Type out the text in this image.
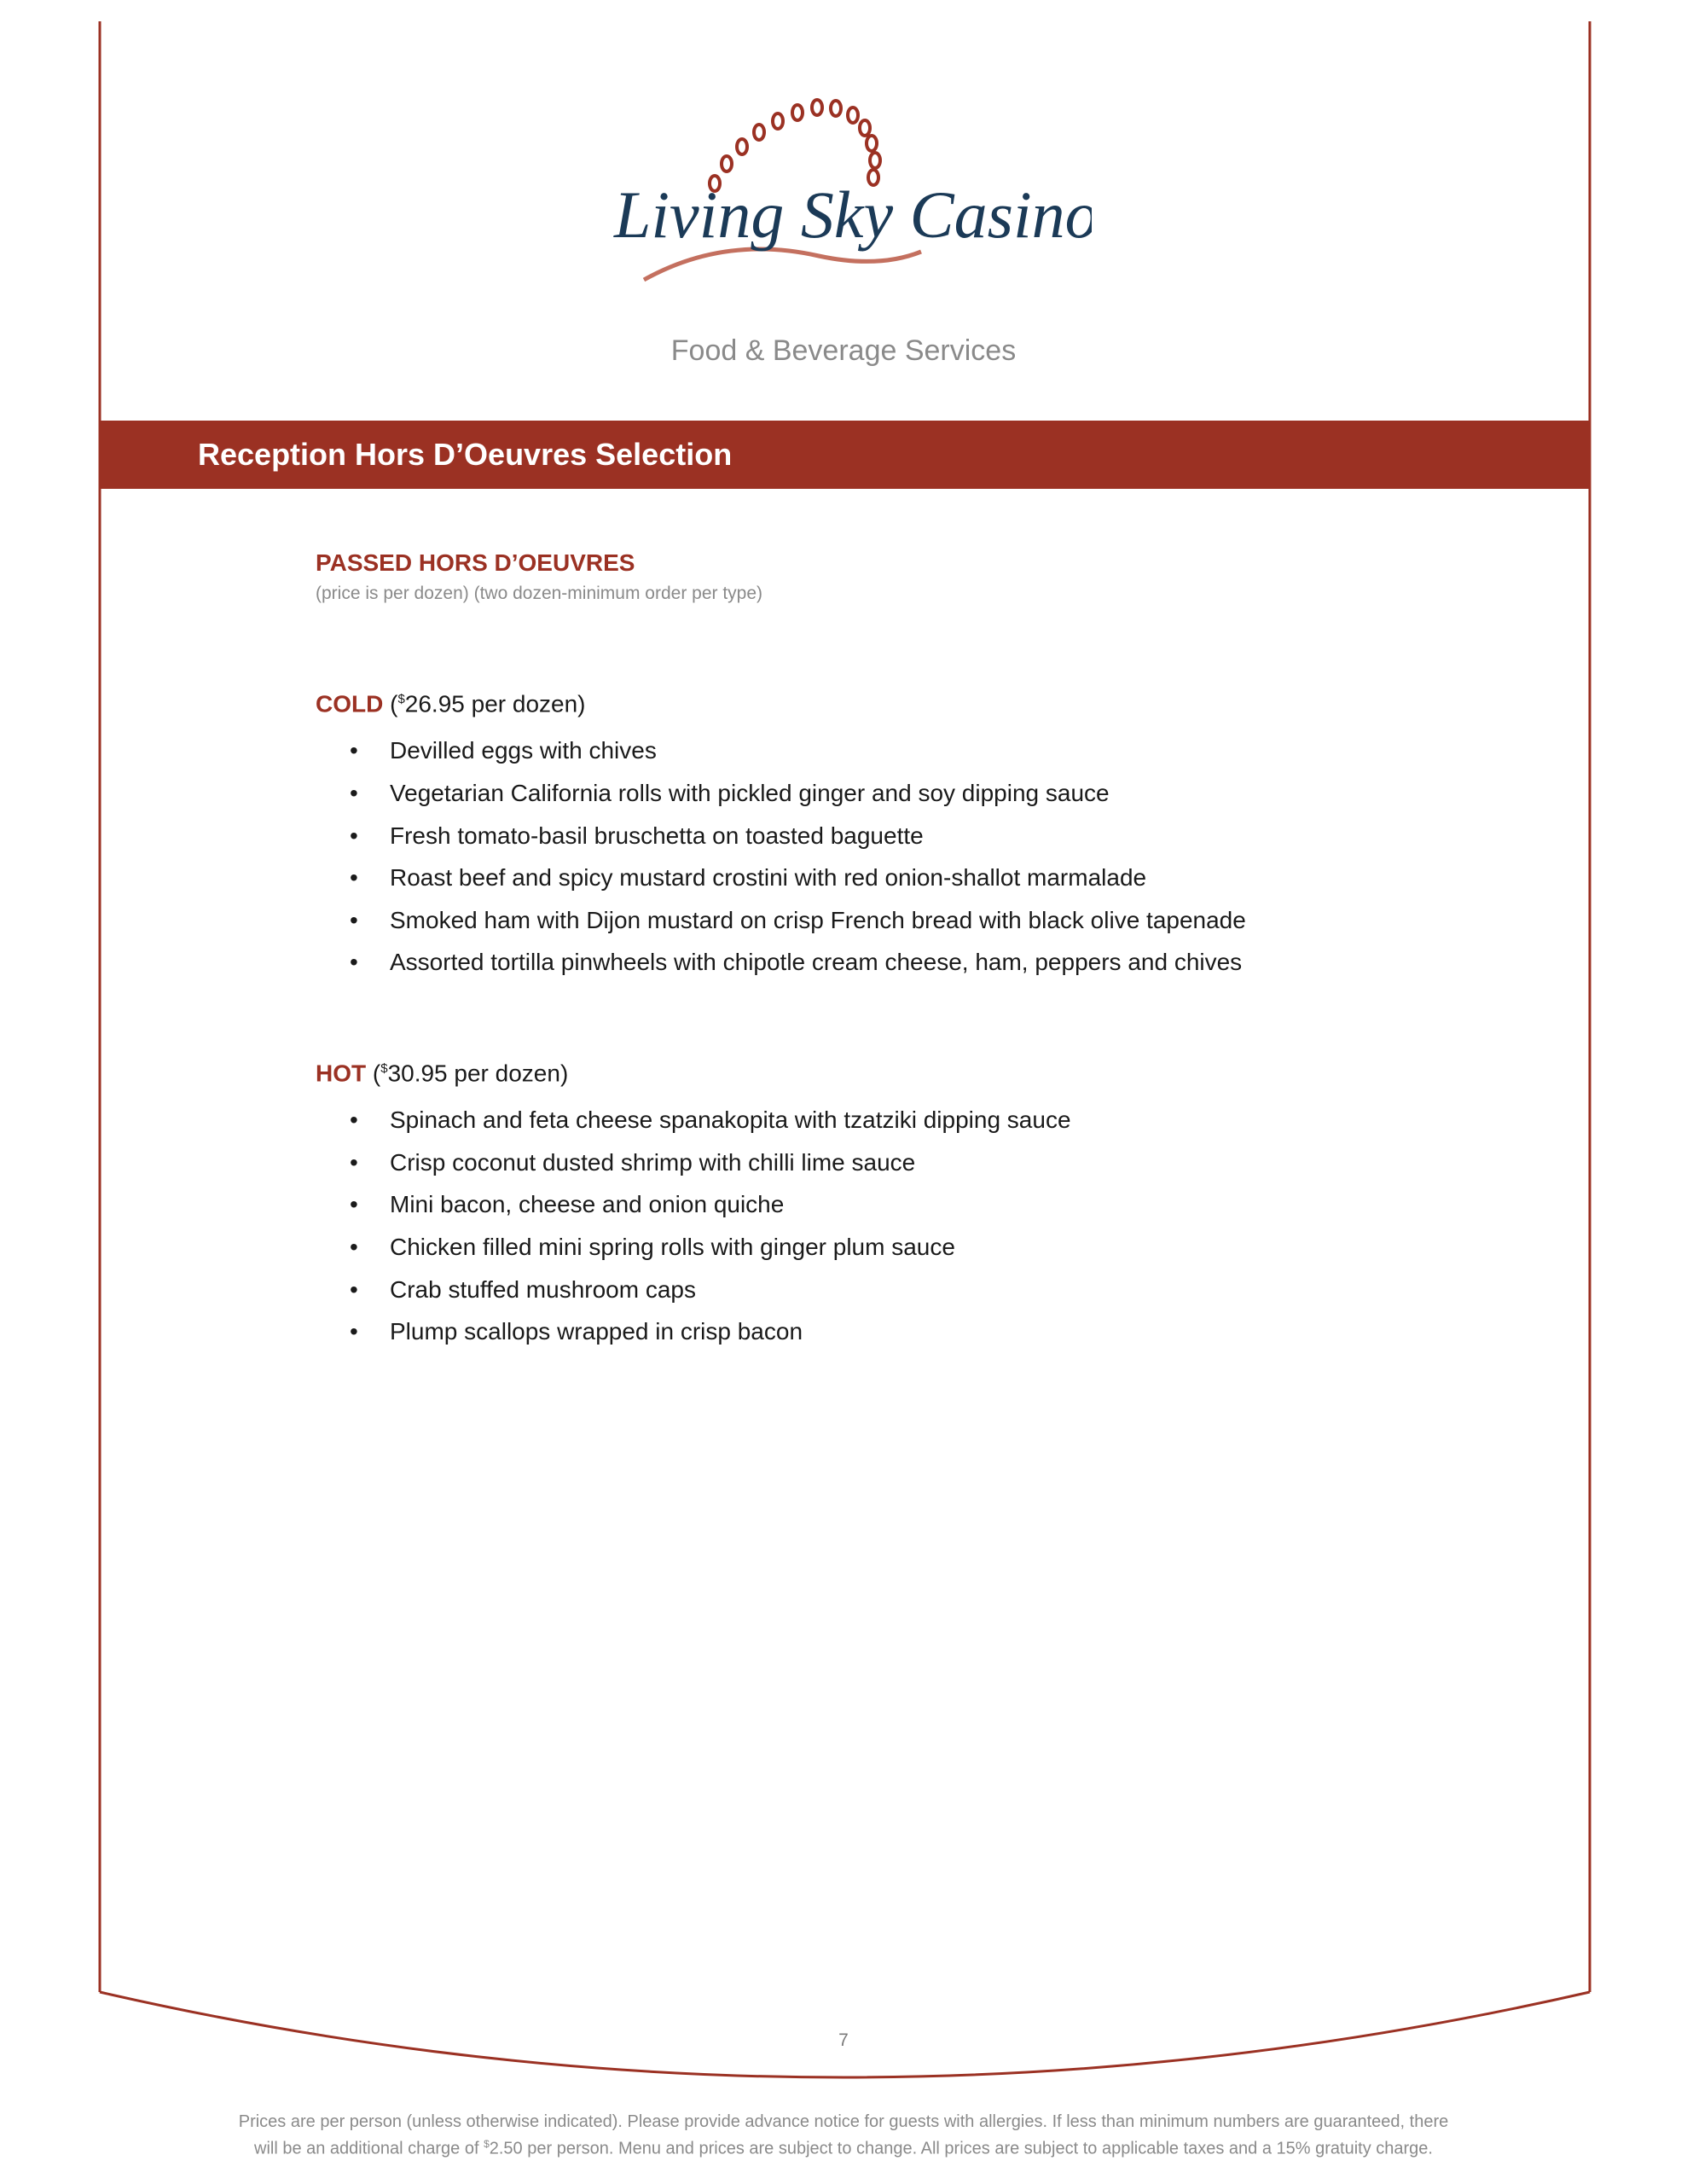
Living Sky Casino
Food & Beverage Services
Reception Hors D’Oeuvres Selection
PASSED HORS D’OEUVRES

(price is per dozen) (two dozen-minimum order per type)

COLD ($26.95 per dozen)

• Devilled eggs with chives
• Vegetarian California rolls with pickled ginger and soy dipping sauce
• Fresh tomato-basil bruschetta on toasted baguette
• Roast beef and spicy mustard crostini with red onion-shallot marmalade
• Smoked ham with Dijon mustard on crisp French bread with black olive tapenade
• Assorted tortilla pinwheels with chipotle cream cheese, ham, peppers and chives

HOT ($30.95 per dozen)

• Spinach and feta cheese spanakopita with tzatziki dipping sauce
• Crisp coconut dusted shrimp with chilli lime sauce
• Mini bacon, cheese and onion quiche
• Chicken filled mini spring rolls with ginger plum sauce
• Crab stuffed mushroom caps
• Plump scallops wrapped in crisp bacon
7
Prices are per person (unless otherwise indicated). Please provide advance notice for guests with allergies. If less than minimum numbers are guaranteed, there
will be an additional charge of $2.50 per person. Menu and prices are subject to change. All prices are subject to applicable taxes and a 15% gratuity charge.
